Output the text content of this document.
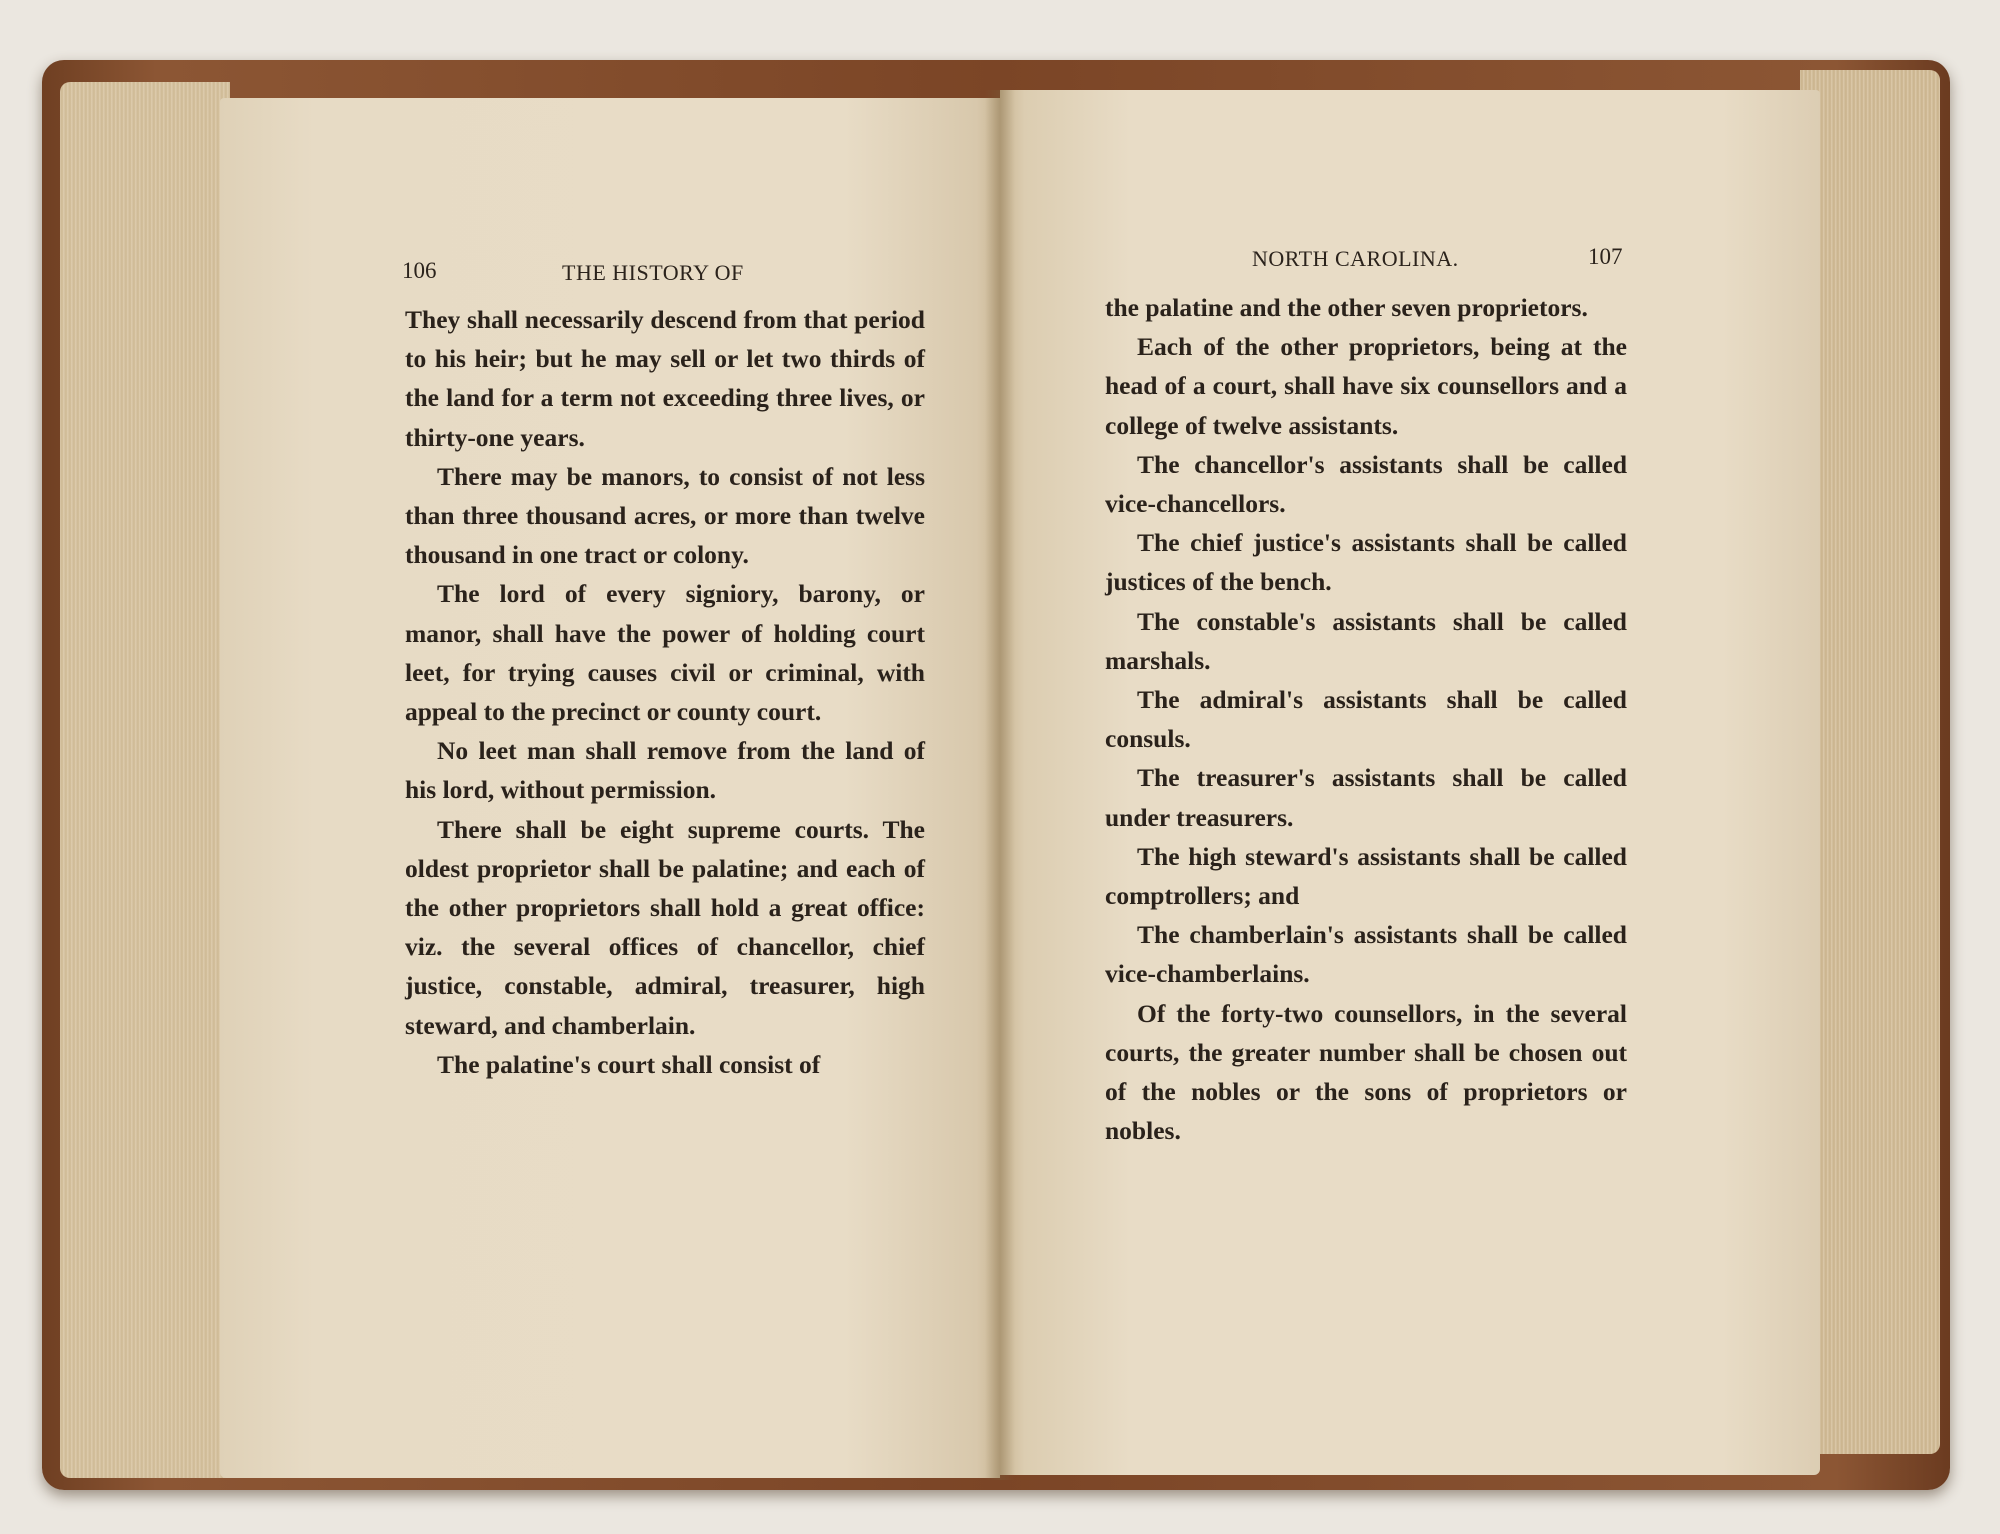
106	THE HISTORY OF

They shall necessarily descend from that period to his heir; but he may sell or let two thirds of the land for a term not exceeding three lives, or thirty-one years.

There may be manors, to consist of not less than three thousand acres, or more than twelve thousand in one tract or colony.

The lord of every signiory, barony, or manor, shall have the power of holding court leet, for trying causes civil or criminal, with appeal to the precinct or county court.

No leet man shall remove from the land of his lord, without permission.

There shall be eight supreme courts. The oldest proprietor shall be palatine; and each of the other proprietors shall hold a great office: viz. the several offices of chancellor, chief justice, constable, admiral, treasurer, high steward, and chamberlain.

The palatine's court shall consist of

NORTH CAROLINA.	107

the palatine and the other seven proprietors.

Each of the other proprietors, being at the head of a court, shall have six counsellors and a college of twelve assistants.

The chancellor's assistants shall be called vice-chancellors.

The chief justice's assistants shall be called justices of the bench.

The constable's assistants shall be called marshals.

The admiral's assistants shall be called consuls.

The treasurer's assistants shall be called under treasurers.

The high steward's assistants shall be called comptrollers; and

The chamberlain's assistants shall be called vice-chamberlains.

Of the forty-two counsellors, in the several courts, the greater number shall be chosen out of the nobles or the sons of proprietors or nobles.
